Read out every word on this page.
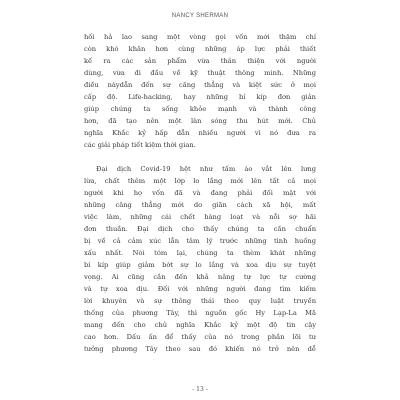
NANCY SHERMAN
hối hả lao sang một vòng gọi vốn mới thậm chí
còn khó khăn hơn cùng những áp lực phải thiết
kế ra các sản phẩm vừa thân thiện với người
dùng, vừa đi đầu về kỹ thuật thông minh. Những
điều nàydẫn đến sự căng thẳng và kiệt sức ở mọi
cấp độ. Life-hacking, hay những bí kíp đơn giản
giúp chúng ta sống khỏe mạnh và thành công
hơn, đã tạo nên một làn sóng thu hút mới. Chủ
nghĩa Khắc kỷ hấp dẫn nhiều người vì nó đưa ra
các giải pháp tiết kiệm thời gian.
Đại dịch Covid-19 hệt như tấm áo vắt lên lưng
lừa, chất thêm một lớp lo lắng mới lên tất cả mọi
người khi họ vốn đã và đang phải đối mặt với
những căng thẳng mới do giãn cách xã hội, mất
việc làm, những cái chết hàng loạt và nỗi sợ hãi
đơn thuần. Đại dịch cho thấy chúng ta cần chuẩn
bị về cả cảm xúc lẫn tâm lý trước những tình huống
xấu nhất. Nói tóm lại, chúng ta thèm khát những
bí kíp giúp giảm bớt sự lo lắng và xoa dịu sự tuyệt
vọng. Ai cũng cần đến khả năng tự lực tự cường
và tự xoa dịu. Đối với những người đang tìm kiếm
lời khuyên và sự thông thái theo quy luật truyền
thống của phương Tây, thì nguồn gốc Hy Lạp-La Mã
mang đến cho chủ nghĩa Khắc kỷ một độ tin cậy
cao hơn. Dấu ấn để thấy của nó trong phần lõi tư
tưởng phương Tây theo sau đó khiến nó trở nên dễ
- 13 -
